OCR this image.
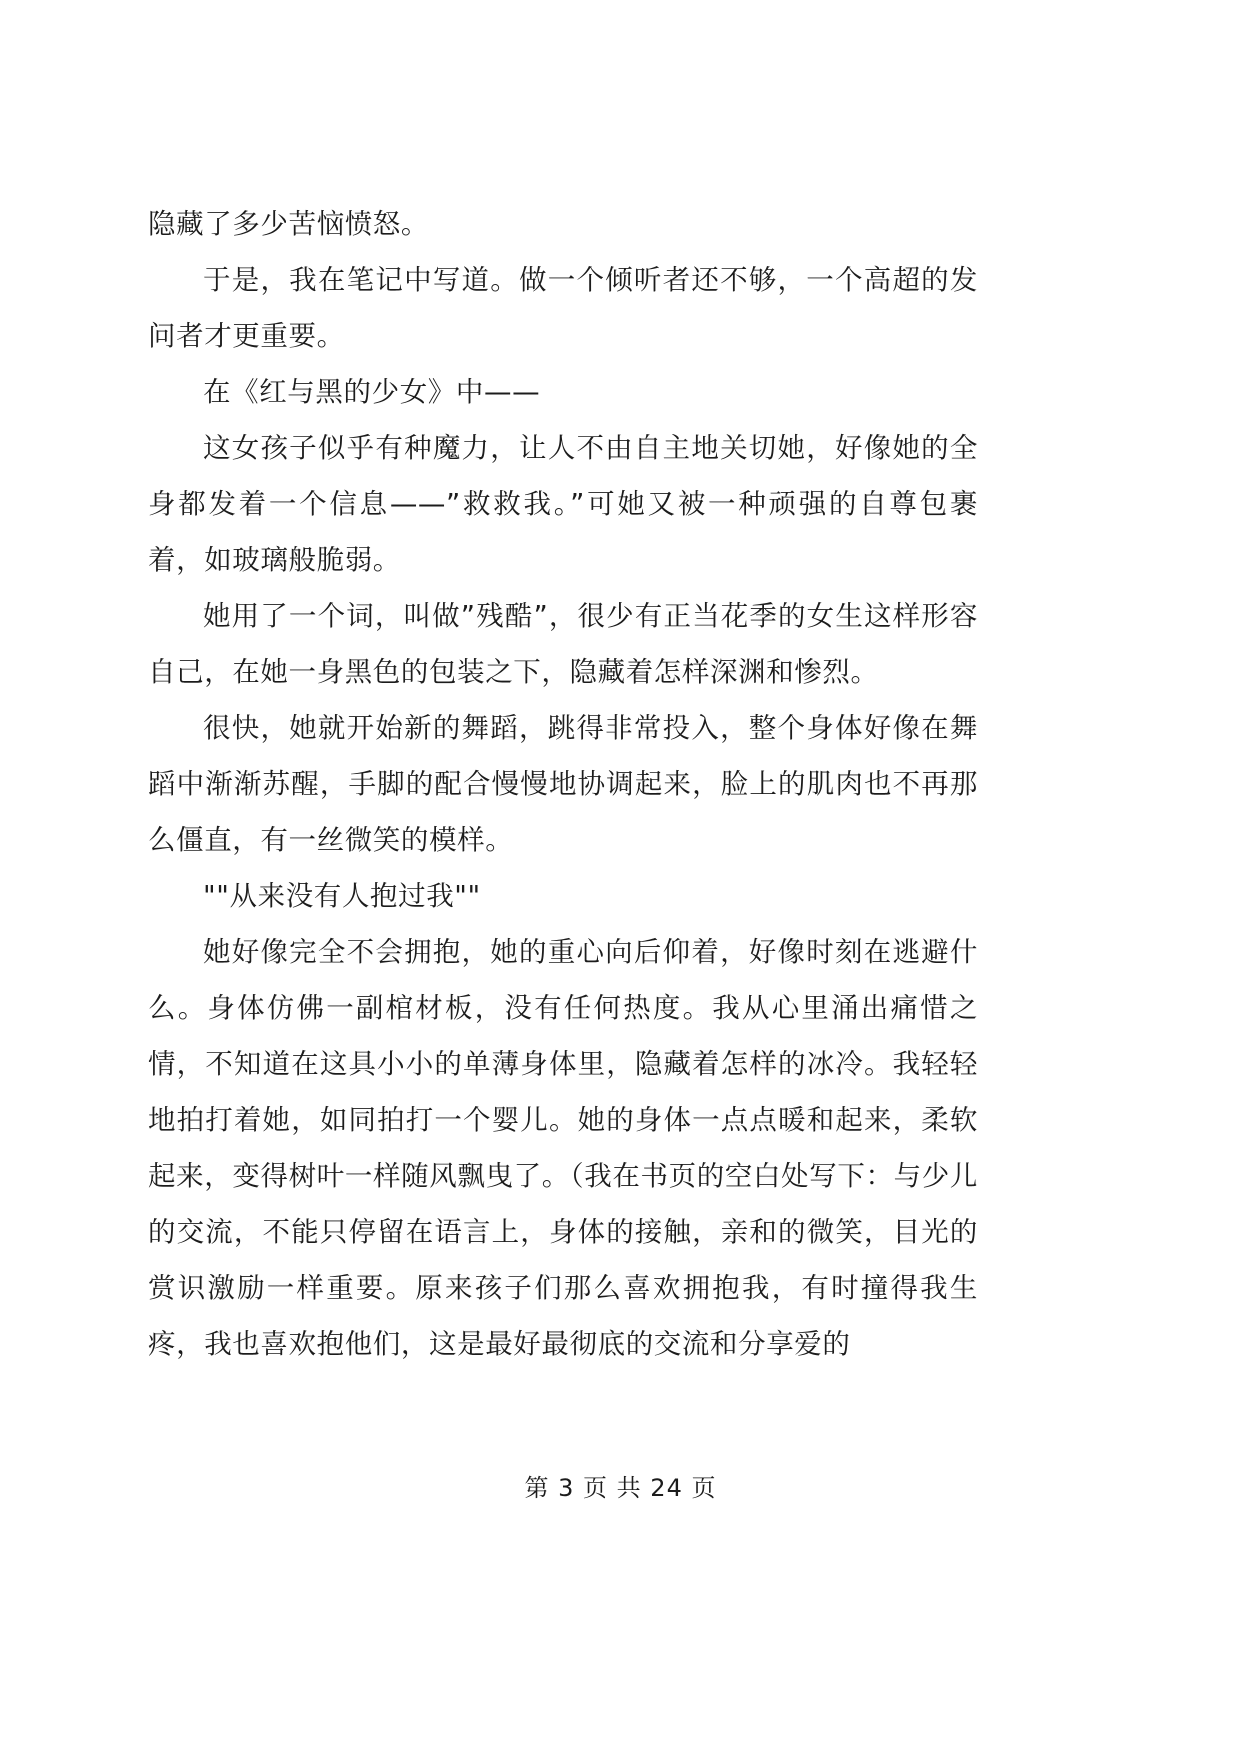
隐藏了多少苦恼愤怒。

于是，我在笔记中写道。做一个倾听者还不够，一个高超的发问者才更重要。

在《红与黑的少女》中——

这女孩子似乎有种魔力，让人不由自主地关切她，好像她的全身都发着一个信息——”救救我。”可她又被一种顽强的自尊包裹着，如玻璃般脆弱。

她用了一个词，叫做”残酷”，很少有正当花季的女生这样形容自己，在她一身黑色的包装之下，隐藏着怎样深渊和惨烈。

很快，她就开始新的舞蹈，跳得非常投入，整个身体好像在舞蹈中渐渐苏醒，手脚的配合慢慢地协调起来，脸上的肌肉也不再那么僵直，有一丝微笑的模样。

""从来没有人抱过我""

她好像完全不会拥抱，她的重心向后仰着，好像时刻在逃避什么。身体仿佛一副棺材板，没有任何热度。我从心里涌出痛惜之情，不知道在这具小小的单薄身体里，隐藏着怎样的冰冷。我轻轻地拍打着她，如同拍打一个婴儿。她的身体一点点暖和起来，柔软起来，变得树叶一样随风飘曳了。（我在书页的空白处写下：与少儿的交流，不能只停留在语言上，身体的接触，亲和的微笑，目光的赏识激励一样重要。原来孩子们那么喜欢拥抱我，有时撞得我生疼，我也喜欢抱他们，这是最好最彻底的交流和分享爱的

第 3 页 共 24 页
